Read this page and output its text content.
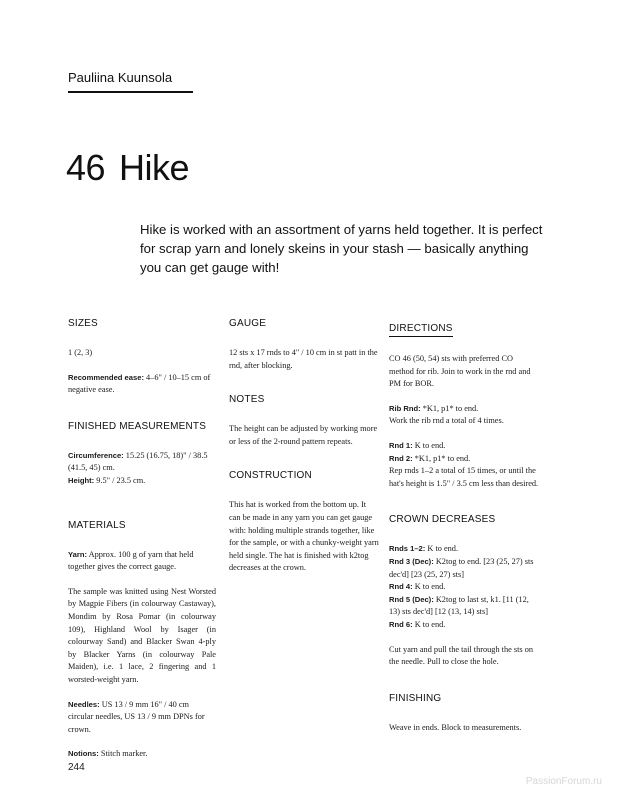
Pauliina Kuunsola
46 Hike
Hike is worked with an assortment of yarns held together. It is perfect for scrap yarn and lonely skeins in your stash — basically anything you can get gauge with!
SIZES

1 (2, 3)

Recommended ease: 4–6" / 10–15 cm of negative ease.

FINISHED MEASUREMENTS

Circumference: 15.25 (16.75, 18)" / 38.5 (41.5, 45) cm.

Height: 9.5" / 23.5 cm.

MATERIALS

Yarn: Approx. 100 g of yarn that held together gives the correct gauge.

The sample was knitted using Nest Worsted by Magpie Fibers (in colourway Castaway), Mondim by Rosa Pomar (in colourway 109), Highland Wool by Isager (in colourway Sand) and Blacker Swan 4-ply by Blacker Yarns (in colourway Pale Maiden), i.e. 1 lace, 2 fingering and 1 worsted-weight yarn.

Needles: US 13 / 9 mm 16" / 40 cm circular needles, US 13 / 9 mm DPNs for crown.

Notions: Stitch marker.

GAUGE

12 sts x 17 rnds to 4" / 10 cm in st patt in the rnd, after blocking.

NOTES

The height can be adjusted by working more or less of the 2-round pattern repeats.

CONSTRUCTION

This hat is worked from the bottom up. It can be made in any yarn you can get gauge with: holding multiple strands together, like for the sample, or with a chunky-weight yarn held single. The hat is finished with k2tog decreases at the crown.

DIRECTIONS

CO 46 (50, 54) sts with preferred CO method for rib. Join to work in the rnd and PM for BOR.

Rib Rnd: *K1, p1* to end.

Work the rib rnd a total of 4 times.

Rnd 1: K to end.

Rnd 2: *K1, p1* to end.

Rep rnds 1–2 a total of 15 times, or until the hat's height is 1.5" / 3.5 cm less than desired.

CROWN DECREASES

Rnds 1–2: K to end.

Rnd 3 (Dec): K2tog to end. [23 (25, 27) sts dec'd] [23 (25, 27) sts]

Rnd 4: K to end.

Rnd 5 (Dec): K2tog to last st, k1. [11 (12, 13) sts dec'd] [12 (13, 14) sts]

Rnd 6: K to end.

Cut yarn and pull the tail through the sts on the needle. Pull to close the hole.

FINISHING

Weave in ends. Block to measurements.

244
PassionForum.ru
